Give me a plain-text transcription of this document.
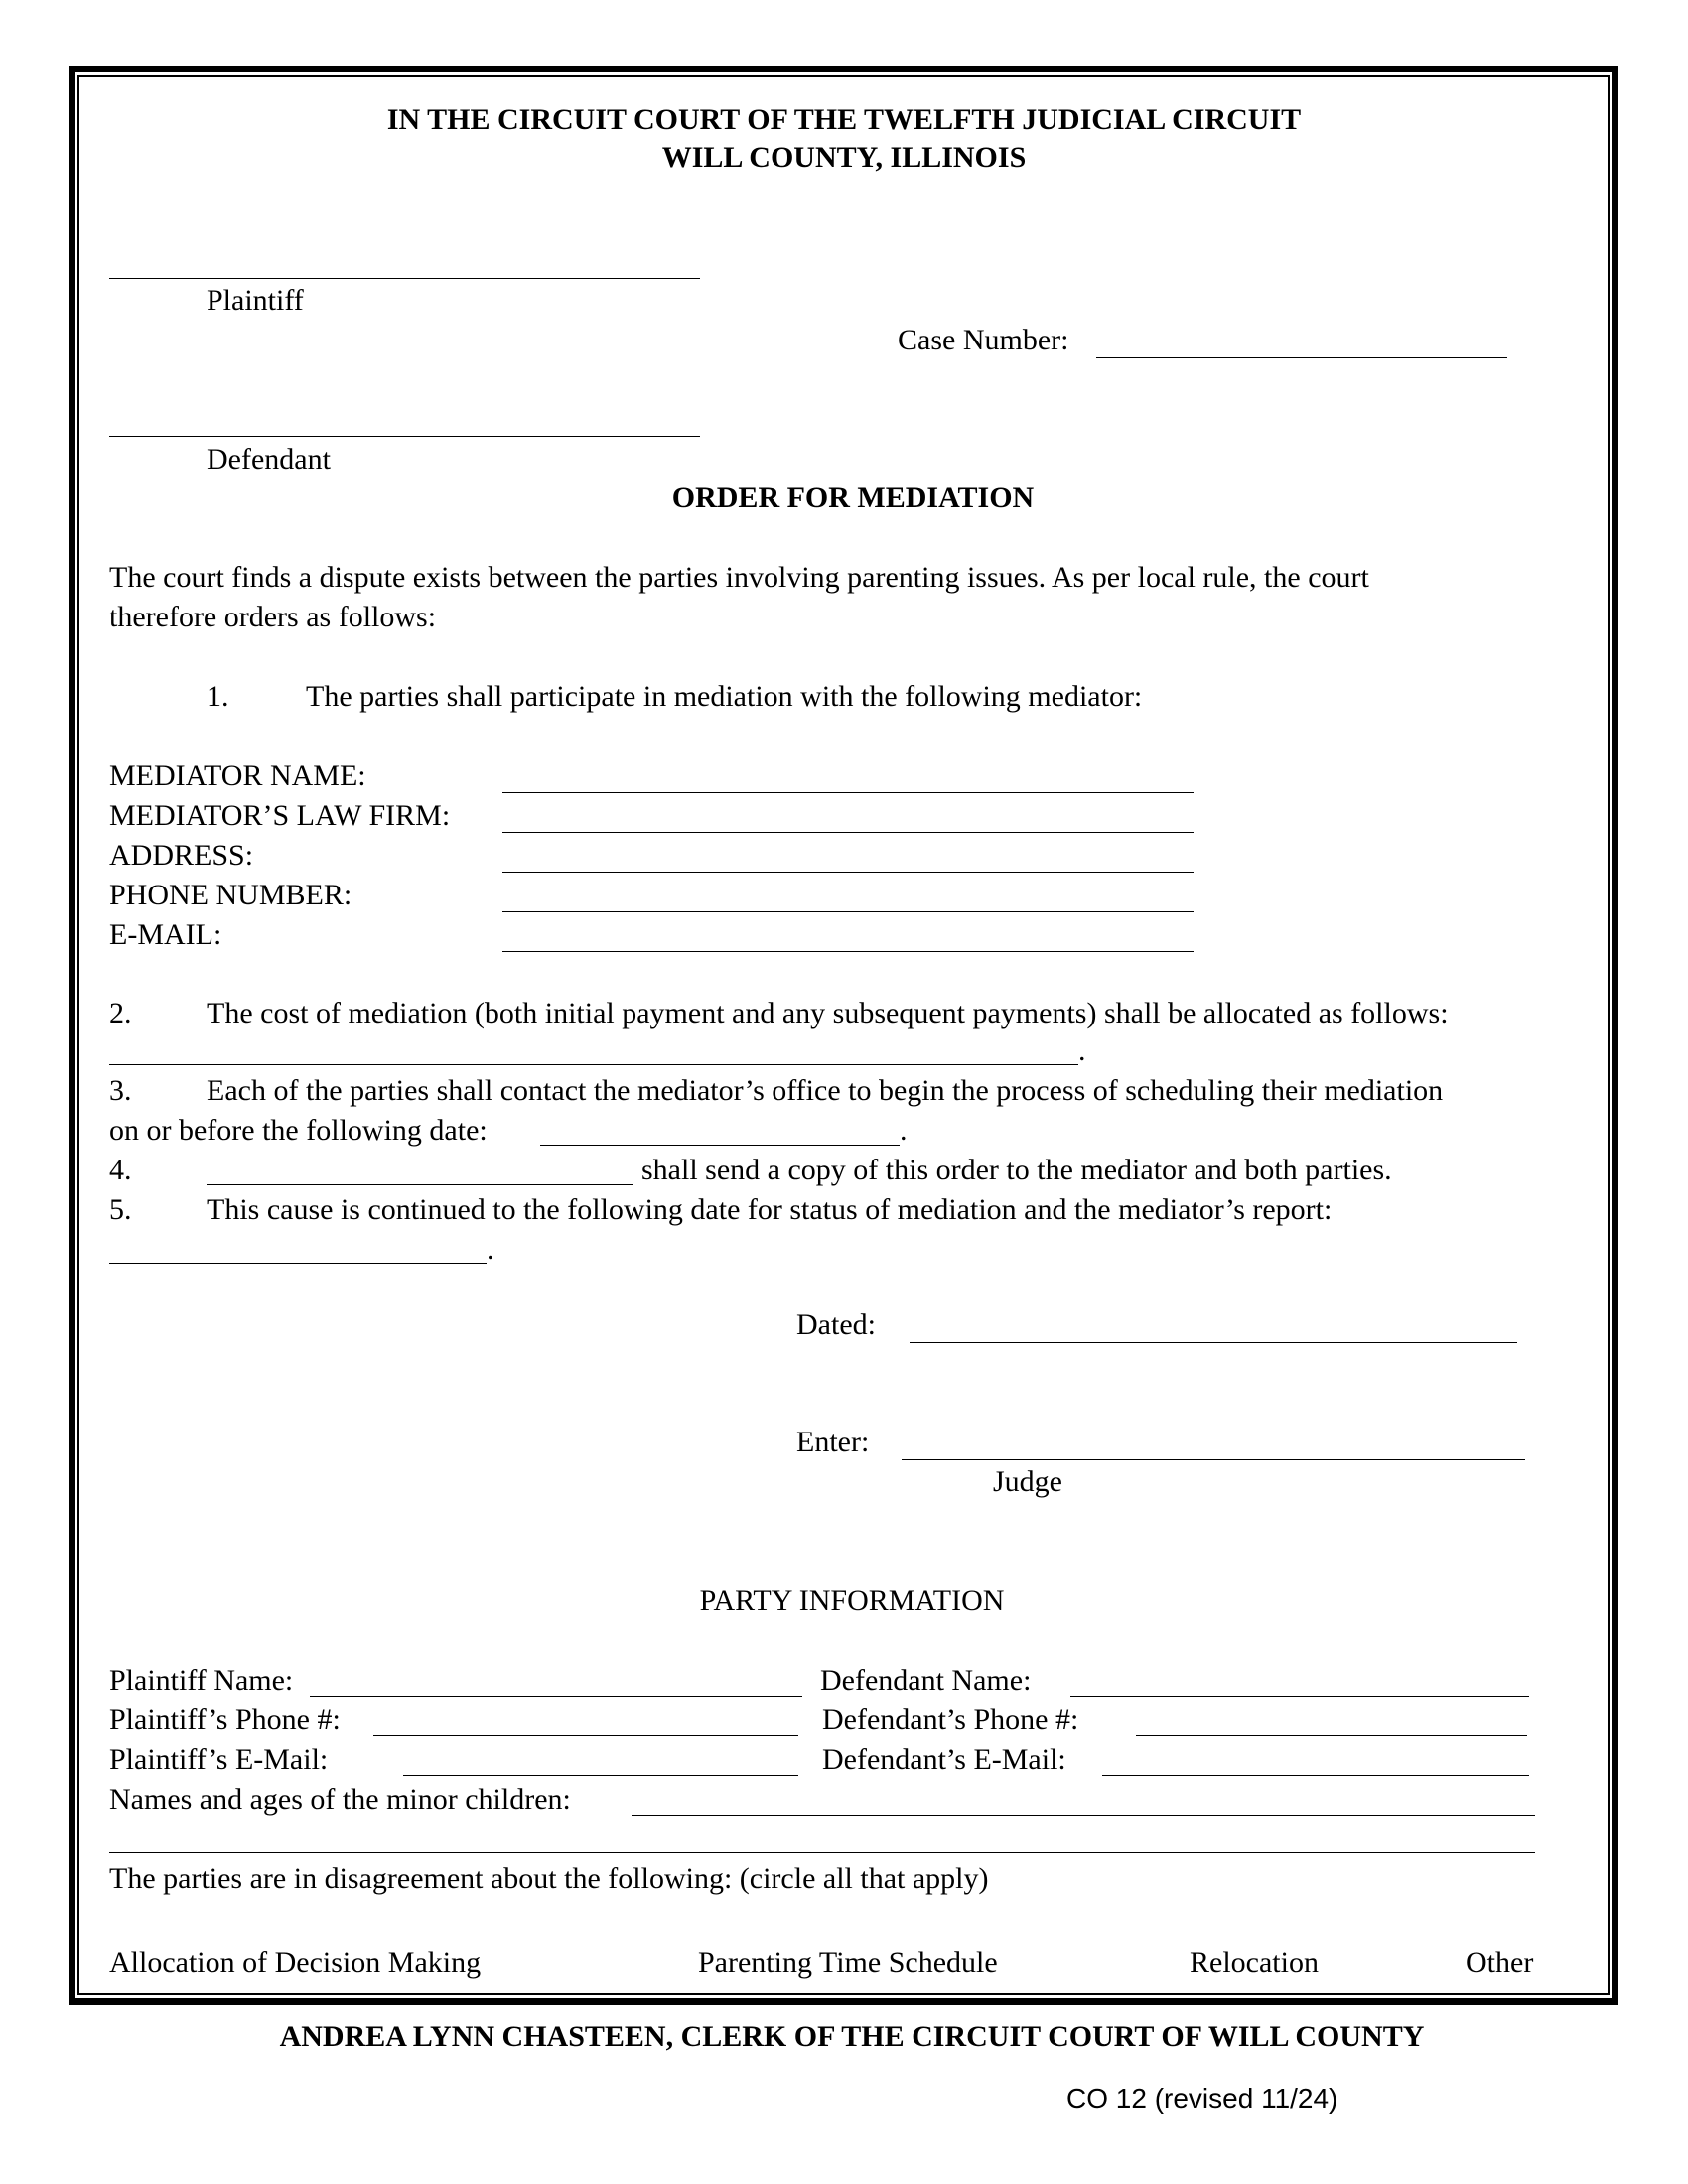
IN THE CIRCUIT COURT OF THE TWELFTH JUDICIAL CIRCUIT
WILL COUNTY, ILLINOIS
Plaintiff
Case Number:
Defendant
ORDER FOR MEDIATION
The court finds a dispute exists between the parties involving parenting issues. As per local rule, the court
therefore orders as follows:
1.	The parties shall participate in mediation with the following mediator:
MEDIATOR NAME:
MEDIATOR’S LAW FIRM:
ADDRESS:
PHONE NUMBER:
E-MAIL:
2.	The cost of mediation (both initial payment and any subsequent payments) shall be allocated as follows:
.
3.	Each of the parties shall contact the mediator’s office to begin the process of scheduling their mediation
on or before the following date:	.
4.	shall send a copy of this order to the mediator and both parties.
5.	This cause is continued to the following date for status of mediation and the mediator’s report:
.
Dated:
Enter:
Judge
PARTY INFORMATION
Plaintiff Name:	Defendant Name:
Plaintiff’s Phone #:	Defendant’s Phone #:
Plaintiff’s E-Mail:	Defendant’s E-Mail:
Names and ages of the minor children:
The parties are in disagreement about the following: (circle all that apply)
Allocation of Decision Making	Parenting Time Schedule	Relocation	Other
ANDREA LYNN CHASTEEN, CLERK OF THE CIRCUIT COURT OF WILL COUNTY
CO 12 (revised 11/24)
